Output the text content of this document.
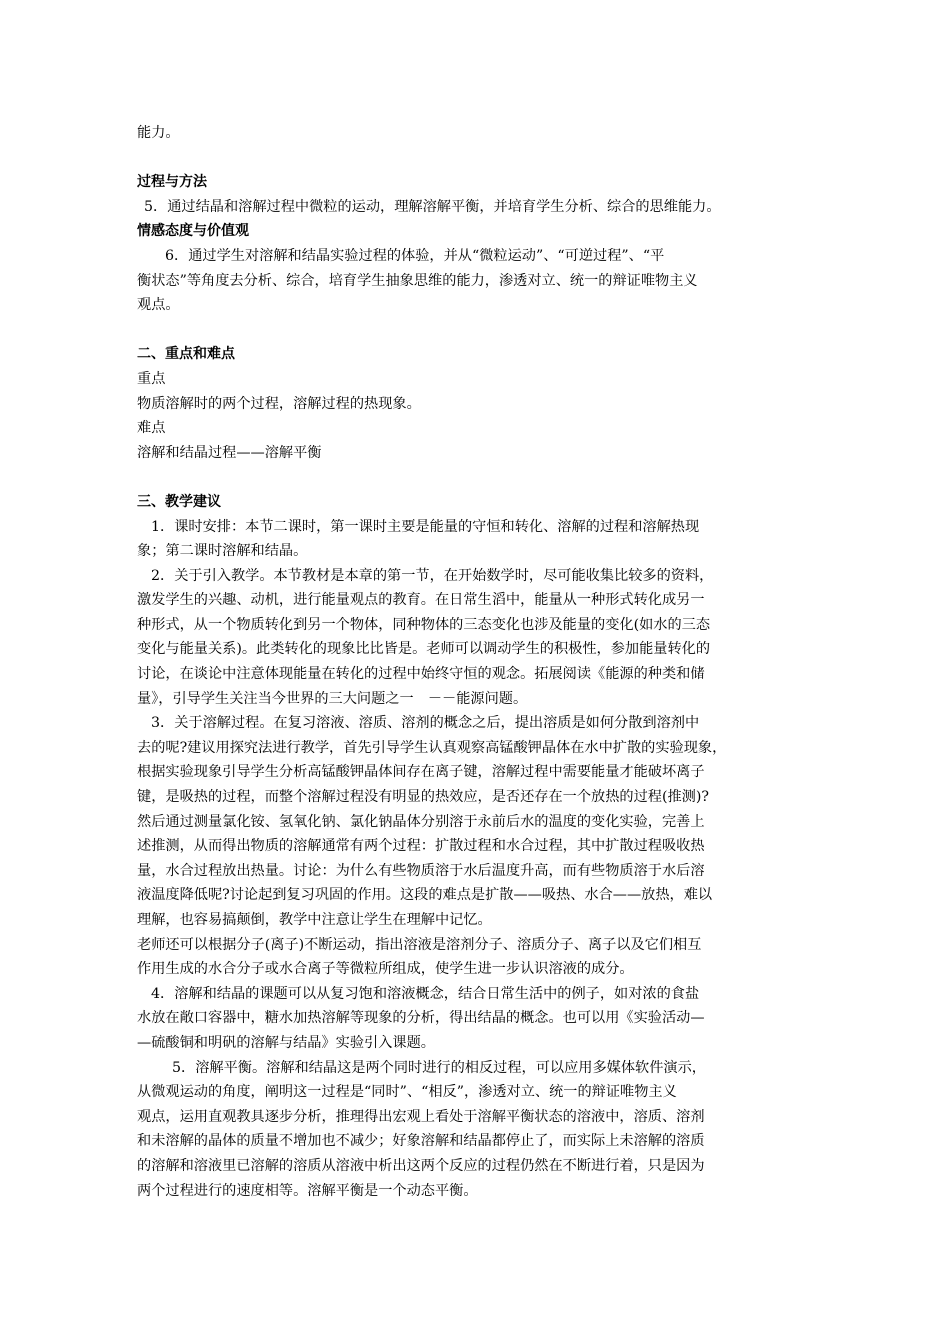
能力。
过程与方法
5．通过结晶和溶解过程中微粒的运动，理解溶解平衡，并培育学生分析、综合的思维能力。
情感态度与价值观
6．通过学生对溶解和结晶实验过程的体验，并从“微粒运动”、“可逆过程”、“平
衡状态”等角度去分析、综合，培育学生抽象思维的能力，渗透对立、统一的辩证唯物主义
观点。
二、重点和难点
重点
物质溶解时的两个过程，溶解过程的热现象。
难点
溶解和结晶过程——溶解平衡
三、教学建议
1．课时安排：本节二课时，第一课时主要是能量的守恒和转化、溶解的过程和溶解热现
象；第二课时溶解和结晶。
2．关于引入教学。本节教材是本章的第一节，在开始数学时，尽可能收集比较多的资料，
激发学生的兴趣、动机，进行能量观点的教育。在日常生滔中，能量从一种形式转化成另一
种形式，从一个物质转化到另一个物体，同种物体的三态变化也涉及能量的变化(如水的三态
变化与能量关系)。此类转化的现象比比皆是。老师可以调动学生的积极性，参加能量转化的
讨论，在谈论中注意体现能量在转化的过程中始终守恒的观念。拓展阅读《能源的种类和储
量》，引导学生关注当今世界的三大问题之一　－－能源问题。
3．关于溶解过程。在复习溶液、溶质、溶剂的概念之后，提出溶质是如何分散到溶剂中
去的呢?建议用探究法进行教学，首先引导学生认真观察高锰酸钾晶体在水中扩散的实验现象，
根据实验现象引导学生分析高锰酸钾晶体间存在离子键，溶解过程中需要能量才能破坏离子
键，是吸热的过程，而整个溶解过程没有明显的热效应，是否还存在一个放热的过程(推测)?
然后通过测量氯化铵、氢氧化钠、氯化钠晶体分别溶于永前后水的温度的变化实验，完善上
述推测，从而得出物质的溶解通常有两个过程：扩散过程和水合过程，其中扩散过程吸收热
量，水合过程放出热量。讨论：为什么有些物质溶于水后温度升高，而有些物质溶于水后溶
液温度降低呢?讨论起到复习巩固的作用。这段的难点是扩散——吸热、水合——放热，难以
理解，也容易搞颠倒，教学中注意让学生在理解中记忆。
老师还可以根据分子(离子)不断运动，指出溶液是溶剂分子、溶质分子、离子以及它们相互
作用生成的水合分子或水合离子等微粒所组成，使学生进一步认识溶液的成分。
4．溶解和结晶的课题可以从复习饱和溶液概念，结合日常生活中的例子，如对浓的食盐
水放在敞口容器中，糖水加热溶解等现象的分析，得出结晶的概念。也可以用《实验活动—
—硫酸铜和明矾的溶解与结晶》实验引入课题。
5．溶解平衡。溶解和结晶这是两个同时进行的相反过程，可以应用多媒体软件演示，
从微观运动的角度，阐明这一过程是“同时”、“相反”，渗透对立、统一的辩证唯物主义
观点，运用直观教具逐步分析，推理得出宏观上看处于溶解平衡状态的溶液中，溶质、溶剂
和未溶解的晶体的质量不增加也不减少；好象溶解和结晶都停止了，而实际上未溶解的溶质
的溶解和溶液里已溶解的溶质从溶液中析出这两个反应的过程仍然在不断进行着，只是因为
两个过程进行的速度相等。溶解平衡是一个动态平衡。
